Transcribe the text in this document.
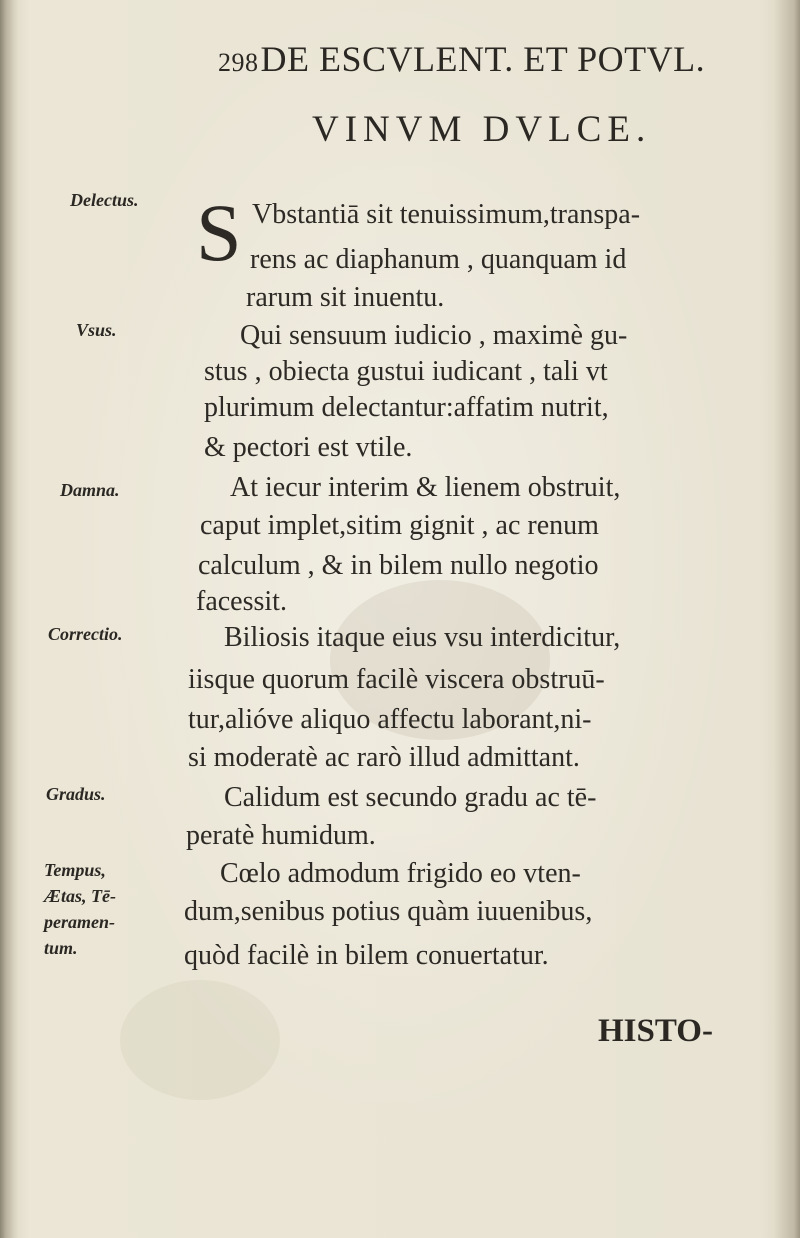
298DE ESCVLENT. ET POTVL.
VINVM DVLCE.
Delectus.
Vsus.
Damna.
Correctio.
Gradus.
Tempus,
Ætas, Tē-
peramen-
tum.
S Vbstantiā sit tenuissimum,transpa-
rens ac diaphanum , quanquam id
rarum sit inuentu.
Qui sensuum iudicio , maximè gu-
stus , obiecta gustui iudicant , tali vt
plurimum delectantur:affatim nutrit,
& pectori est vtile.
At iecur interim & lienem obstruit,
caput implet,sitim gignit , ac renum
calculum , & in bilem nullo negotio
facessit.
Biliosis itaque eius vsu interdicitur,
iisque quorum facilè viscera obstruū-
tur,alióve aliquo affectu laborant,ni-
si moderatè ac rarò illud admittant.
Calidum est secundo gradu ac tē-
peratè humidum.
Cœlo admodum frigido eo vten-
dum,senibus potius quàm iuuenibus,
quòd facilè in bilem conuertatur.
HISTO-
